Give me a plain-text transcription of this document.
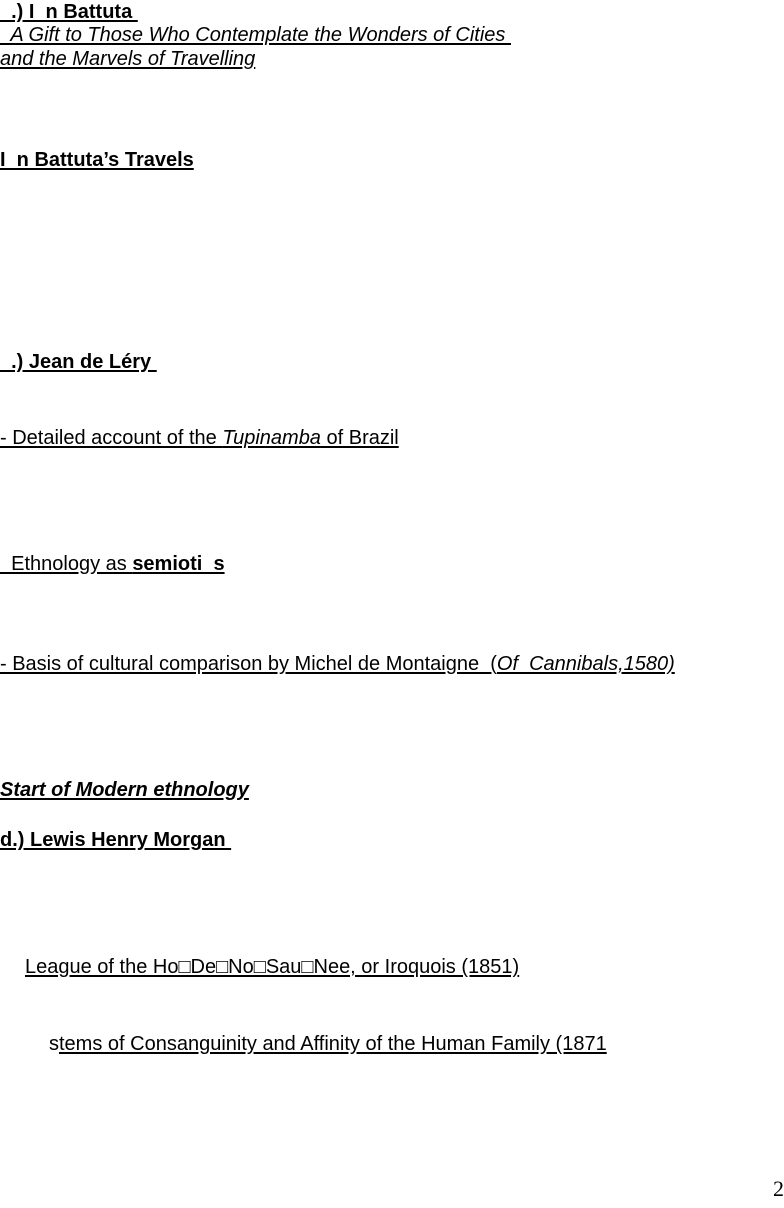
.) I  n Battuta
A Gift to Those Who Contemplate the Wonders of Cities
and the Marvels of Travelling
I  n Battuta’s Travels
.) Jean de Léry
- Detailed account of the Tupinamba of Brazil
Ethnology as semioti  s
- Basis of cultural comparison by Michel de Montaigne  (Of  Cannibals,1580)
Start of Modern ethnology
d.) Lewis Henry Morgan
League of the Ho□De□No□Sau□Nee, or Iroquois (1851)
stems of Consanguinity and Affinity of the Human Family (1871
2
